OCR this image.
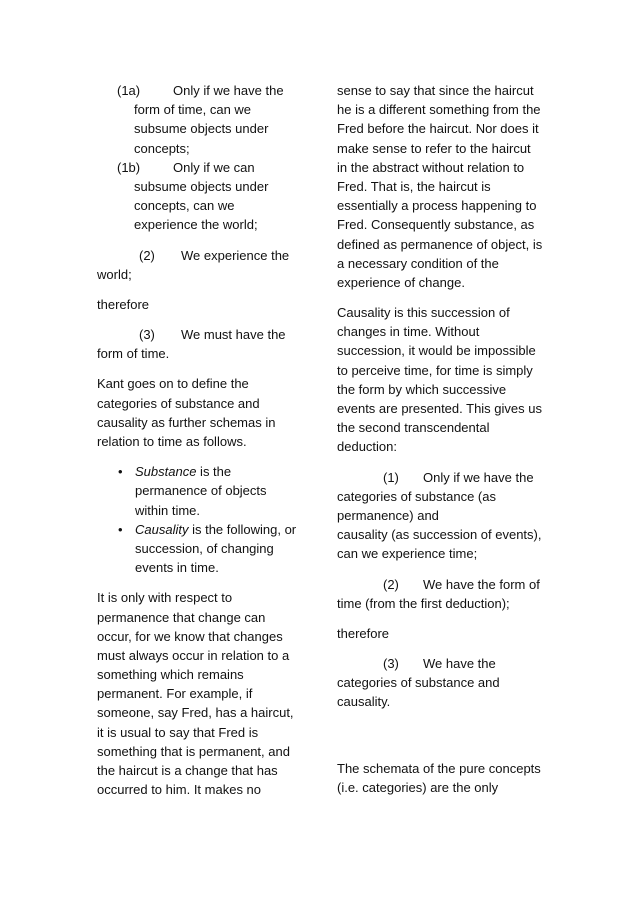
(1a)	Only if we have the
form of time, can we
subsume objects under
concepts;
(1b)	Only if we can
subsume objects under
concepts, can we
experience the world;
(2) We experience the
world;
therefore
(3) We must have the
form of time.
Kant goes on to define the
categories of substance and
causality as further schemas in
relation to time as follows.
• Substance is the
permanence of objects
within time.
• Causality is the following, or
succession, of changing
events in time.
It is only with respect to
permanence that change can
occur, for we know that changes
must always occur in relation to a
something which remains
permanent. For example, if
someone, say Fred, has a haircut,
it is usual to say that Fred is
something that is permanent, and
the haircut is a change that has
occurred to him. It makes no
sense to say that since the haircut
he is a different something from the
Fred before the haircut. Nor does it
make sense to refer to the haircut
in the abstract without relation to
Fred. That is, the haircut is
essentially a process happening to
Fred. Consequently substance, as
defined as permanence of object, is
a necessary condition of the
experience of change.
Causality is this succession of
changes in time. Without
succession, it would be impossible
to perceive time, for time is simply
the form by which successive
events are presented. This gives us
the second transcendental
deduction:
(1) Only if we have the
categories of substance (as
permanence) and
causality (as succession of events),
can we experience time;
(2) We have the form of
time (from the first deduction);
therefore
(3) We have the
categories of substance and
causality.
The schemata of the pure concepts
(i.e. categories) are the only
